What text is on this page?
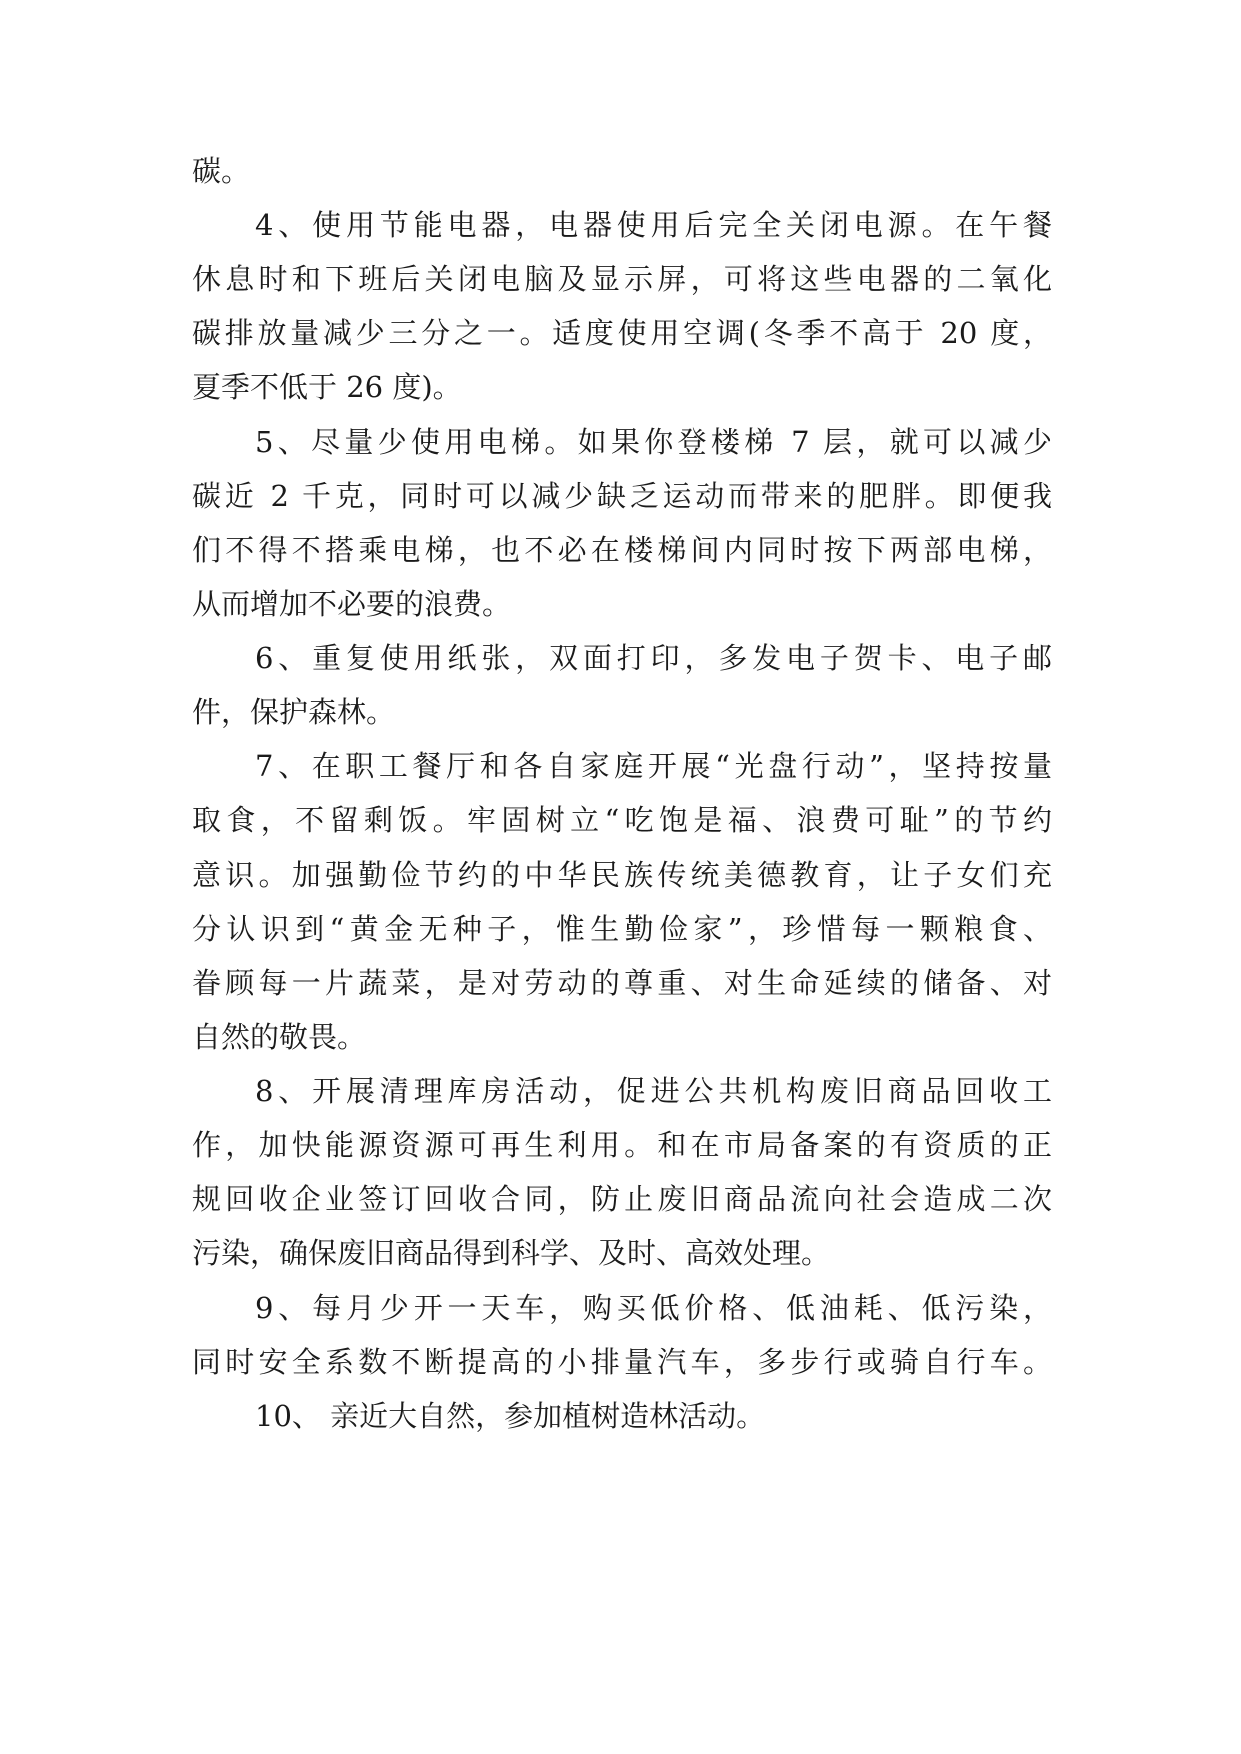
碳。
4、使用节能电器，电器使用后完全关闭电源。在午餐
休息时和下班后关闭电脑及显示屏，可将这些电器的二氧化
碳排放量减少三分之一。适度使用空调(冬季不高于 20 度，
夏季不低于 26 度)。
5、尽量少使用电梯。如果你登楼梯 7 层，就可以减少
碳近 2 千克，同时可以减少缺乏运动而带来的肥胖。即便我
们不得不搭乘电梯，也不必在楼梯间内同时按下两部电梯，
从而增加不必要的浪费。
6、重复使用纸张，双面打印，多发电子贺卡、电子邮
件，保护森林。
7、在职工餐厅和各自家庭开展“光盘行动”，坚持按量
取食，不留剩饭。牢固树立“吃饱是福、浪费可耻”的节约
意识。加强勤俭节约的中华民族传统美德教育，让子女们充
分认识到“黄金无种子，惟生勤俭家”，珍惜每一颗粮食、
眷顾每一片蔬菜，是对劳动的尊重、对生命延续的储备、对
自然的敬畏。
8、开展清理库房活动，促进公共机构废旧商品回收工
作，加快能源资源可再生利用。和在市局备案的有资质的正
规回收企业签订回收合同，防止废旧商品流向社会造成二次
污染，确保废旧商品得到科学、及时、高效处理。
9、每月少开一天车，购买低价格、低油耗、低污染，
同时安全系数不断提高的小排量汽车，多步行或骑自行车。
10、 亲近大自然，参加植树造林活动。
